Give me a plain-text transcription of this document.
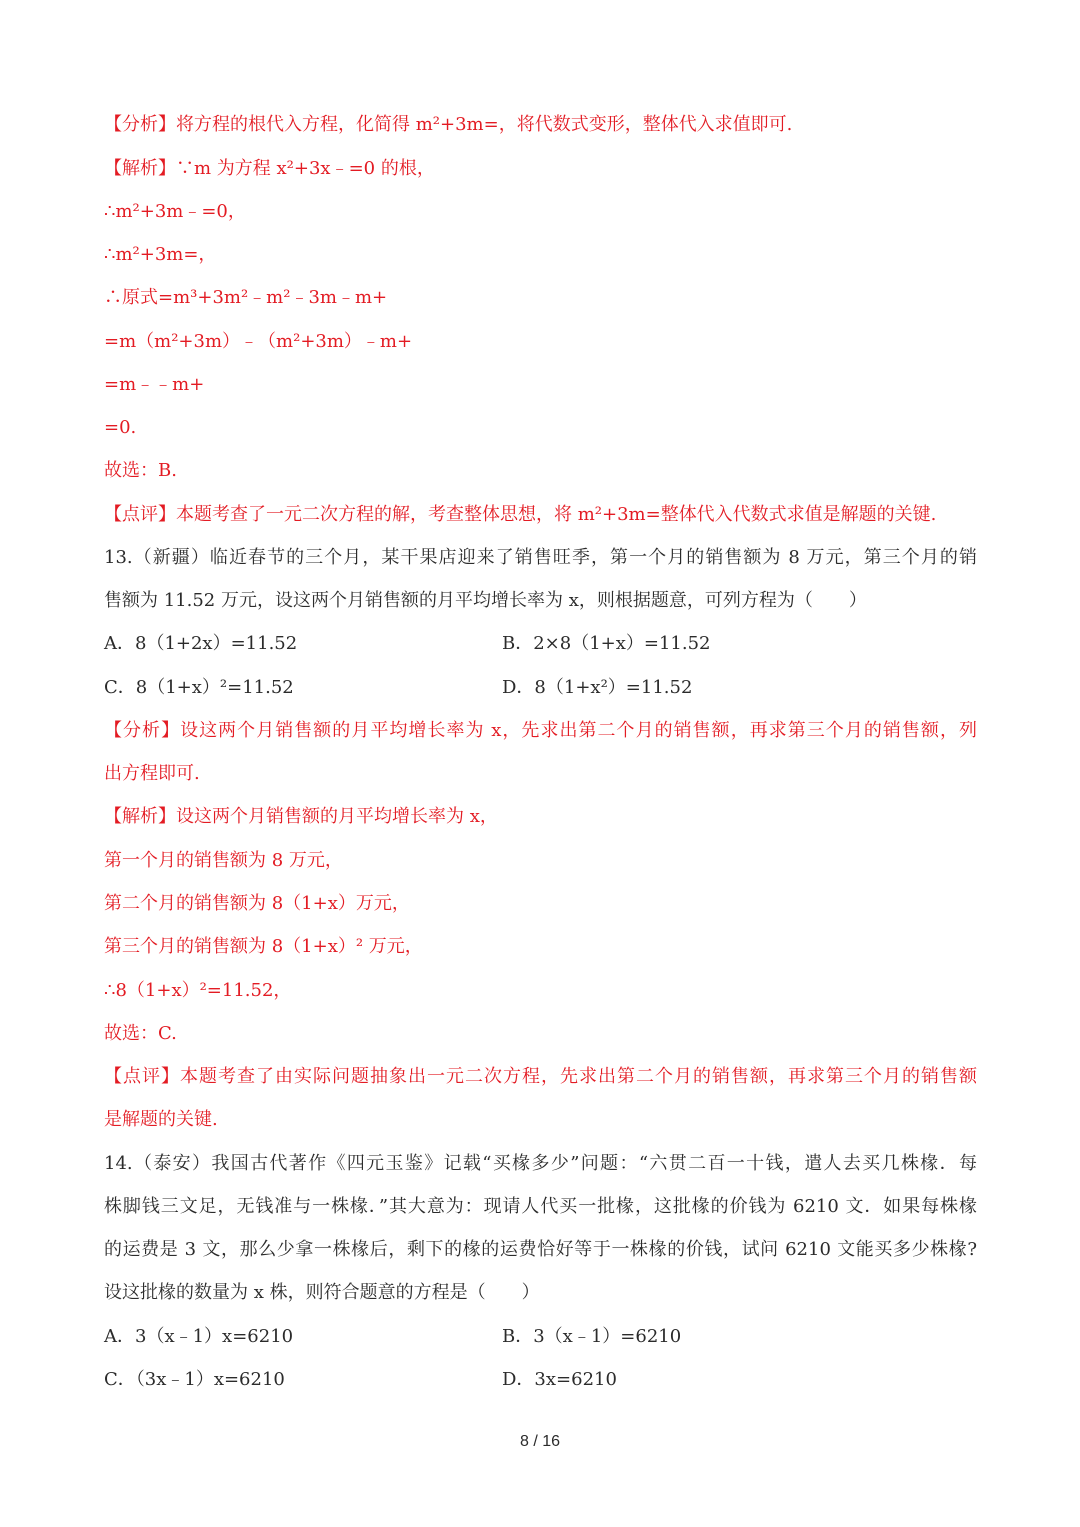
【分析】将方程的根代入方程，化简得 m²+3m=，将代数式变形，整体代入求值即可.
【解析】∵m 为方程 x²+3x﹣=0 的根，
∴m²+3m﹣=0，
∴m²+3m=，
∴原式=m³+3m²﹣m²﹣3m﹣m+
=m（m²+3m）﹣（m²+3m）﹣m+
=m﹣﹣m+
=0.
故选：B.
【点评】本题考查了一元二次方程的解，考查整体思想，将 m²+3m=整体代入代数式求值是解题的关键.
13.（新疆）临近春节的三个月，某干果店迎来了销售旺季，第一个月的销售额为 8 万元，第三个月的销
售额为 11.52 万元，设这两个月销售额的月平均增长率为 x，则根据题意，可列方程为（　　）
A．8（1+2x）=11.52	B．2×8（1+x）=11.52
C．8（1+x）²=11.52	D．8（1+x²）=11.52
【分析】设这两个月销售额的月平均增长率为 x，先求出第二个月的销售额，再求第三个月的销售额，列
出方程即可.
【解析】设这两个月销售额的月平均增长率为 x，
第一个月的销售额为 8 万元，
第二个月的销售额为 8（1+x）万元，
第三个月的销售额为 8（1+x）² 万元，
∴8（1+x）²=11.52，
故选：C.
【点评】本题考查了由实际问题抽象出一元二次方程，先求出第二个月的销售额，再求第三个月的销售额
是解题的关键.
14.（泰安）我国古代著作《四元玉鉴》记载“买椽多少”问题：“六贯二百一十钱，遣人去买几株椽．每
株脚钱三文足，无钱准与一株椽．”其大意为：现请人代买一批椽，这批椽的价钱为 6210 文．如果每株椽
的运费是 3 文，那么少拿一株椽后，剩下的椽的运费恰好等于一株椽的价钱，试问 6210 文能买多少株椽?
设这批椽的数量为 x 株，则符合题意的方程是（　　）
A．3（x﹣1）x=6210	B．3（x﹣1）=6210
C．（3x﹣1）x=6210	D．3x=6210
8 / 16
